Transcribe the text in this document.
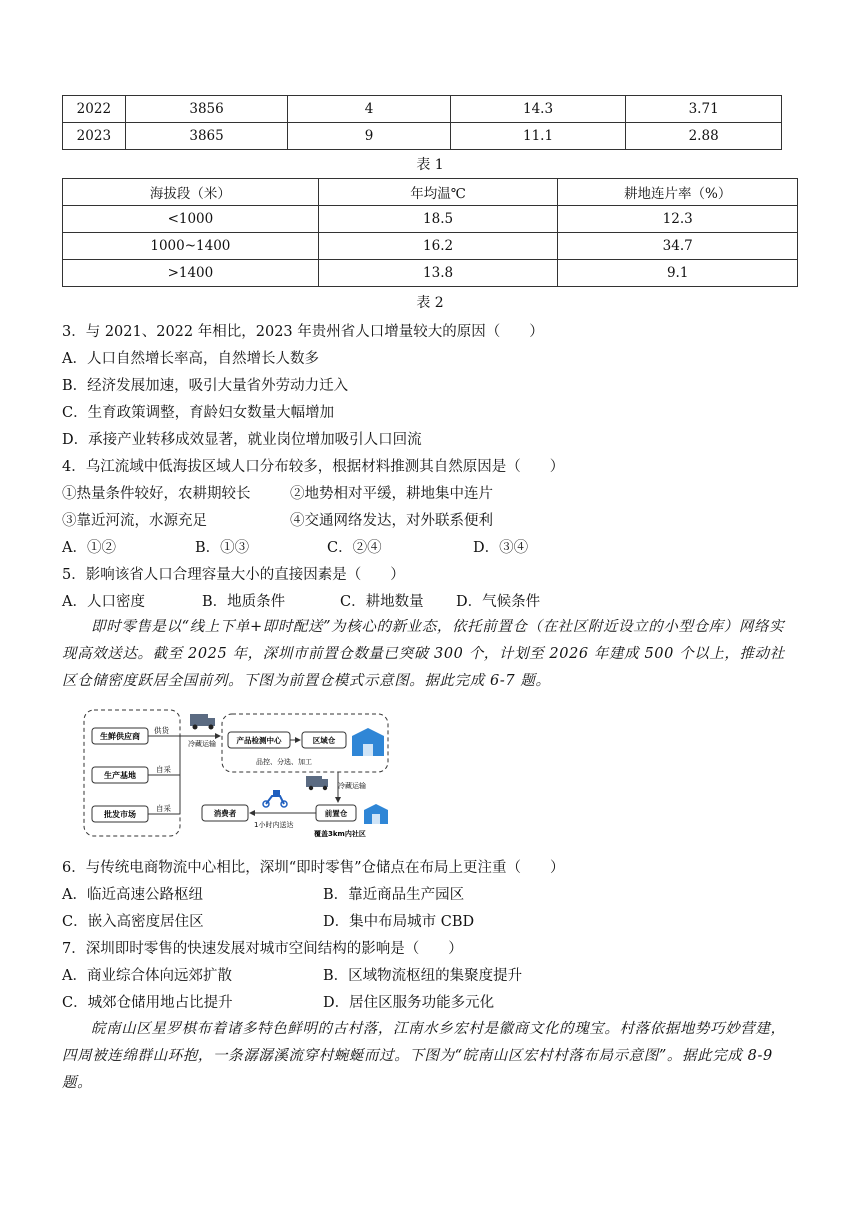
2022	3856	4	14.3	3.71
2023	3865	9	11.1	2.88
表 1
海拔段（米）	年均温℃	耕地连片率（%）
<1000	18.5	12.3
1000~1400	16.2	34.7
>1400	13.8	9.1
表 2
3．与 2021、2022 年相比，2023 年贵州省人口增量较大的原因（　　）
A．人口自然增长率高，自然增长人数多
B．经济发展加速，吸引大量省外劳动力迁入
C．生育政策调整，育龄妇女数量大幅增加
D．承接产业转移成效显著，就业岗位增加吸引人口回流
4．乌江流域中低海拔区域人口分布较多，根据材料推测其自然原因是（　　）
①热量条件较好，农耕期较长	②地势相对平缓，耕地集中连片
③靠近河流，水源充足	④交通网络发达，对外联系便利
A．①②	B．①③	C．②④	D．③④
5．影响该省人口合理容量大小的直接因素是（　　）
A．人口密度	B．地质条件	C．耕地数量 D．气候条件
即时零售是以“线上下单+即时配送”为核心的新业态，依托前置仓（在社区附近设立的小型仓库）网络实现高效送达。截至 2025 年，深圳市前置仓数量已突破 300 个，计划至 2026 年建成 500 个以上，推动社区仓储密度跃居全国前列。下图为前置仓模式示意图。据此完成 6-7 题。
生鲜供应商
生产基地
批发市场
供货
自采
自采
冷藏运输	产品检测中心	区域仓
品控、分选、加工
冷藏运输
前置仓
覆盖3km内社区
消费者
1小时内送达
6．与传统电商物流中心相比，深圳“即时零售”仓储点在布局上更注重（　　）
A．临近高速公路枢纽	B．靠近商品生产园区
C．嵌入高密度居住区	D．集中布局城市 CBD
7．深圳即时零售的快速发展对城市空间结构的影响是（　　）
A．商业综合体向远郊扩散	B．区域物流枢纽的集聚度提升
C．城郊仓储用地占比提升	D．居住区服务功能多元化
皖南山区星罗棋布着诸多特色鲜明的古村落，江南水乡宏村是徽商文化的瑰宝。村落依据地势巧妙营建，四周被连绵群山环抱，一条潺潺溪流穿村蜿蜒而过。下图为“皖南山区宏村村落布局示意图”。据此完成 8-9 题。
